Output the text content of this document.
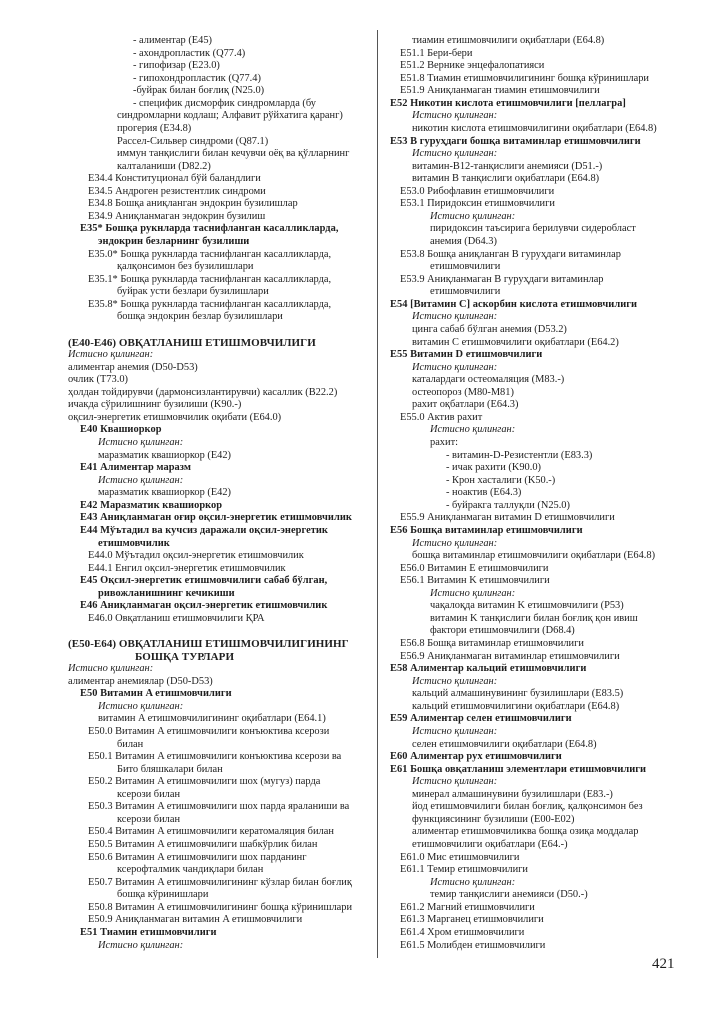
- алиментар (E45)
- ахондропластик (Q77.4)
- гипофизар (E23.0)
- гипохондропластик (Q77.4)
-буйрак билан боғлиқ (N25.0)
- специфик дисморфик синдромларда (бу
синдромларни кодлаш; Алфавит рўйхатига қаранг)
прогерия (E34.8)
Рассел-Сильвер синдроми (Q87.1)
иммун танқислиги билан кечувчи оёқ ва қўлларнинг
калталаниши (D82.2)
E34.4 Конституционал бўй баландлиги
E34.5 Андроген резистентлик синдроми
E34.8 Бошқа аниқланган эндокрин бузилишлар
E34.9 Аниқланмаган эндокрин бузилиш
E35* Бошқа рукнларда таснифланган касалликларда,
эндокрин безларнинг бузилиши
E35.0* Бошқа рукнларда таснифланган касалликларда,
қалқонсимон без бузилишлари
E35.1* Бошқа рукнларда таснифланган касалликларда,
буйрак усти безлари бузилишлари
E35.8* Бошқа рукнларда таснифланган касалликларда,
бошқа эндокрин безлар бузилишлари
(E40-E46) ОВҚАТЛАНИШ ЕТИШМОВЧИЛИГИ
Истисно қилинган:
алиментар анемия (D50-D53)
очлик (T73.0)
ҳолдан тойдирувчи (дармонсизлантирувчи) касаллик (B22.2)
ичакда сўрилишнинг бузилиши (K90.-)
оқсил-энергетик етишмовчилик оқибати (E64.0)
E40 Квашиоркор
Истисно қилинган:
маразматик квашиоркор (E42)
E41 Алиментар маразм
Истисно қилинган:
маразматик квашиоркор (E42)
E42 Маразматик квашиоркор
E43 Аниқланмаган оғир оқсил-энергетик етишмовчилик
E44 Мўътадил ва кучсиз даражали оқсил-энергетик
етишмовчилик
E44.0 Мўътадил оқсил-энергетик етишмовчилик
E44.1 Енгил оқсил-энергетик етишмовчилик
E45 Оқсил-энергетик етишмовчилиги сабаб бўлган,
ривожланишнинг кечикиши
E46 Аниқланмаган оқсил-энергетик етишмовчилик
E46.0 Овқатланиш етишмовчилиги ҚРА
(E50-E64) ОВҚАТЛАНИШ ЕТИШМОВЧИЛИГИНИНГ
БОШҚА ТУРЛАРИ
Истисно қилинган:
алиментар анемиялар (D50-D53)
E50 Витамин A етишмовчилиги
Истисно қилинган:
витамин A етишмовчилигининг оқибатлари (E64.1)
E50.0 Витамин A етишмовчилиги конъюктива ксерози
билан
E50.1 Витамин A етишмовчилиги конъюктива ксерози ва
Бито бляшкалари билан
E50.2 Витамин A етишмовчилиги шох (мугуз) парда
ксерози билан
E50.3 Витамин A етишмовчилиги шох парда яраланиши ва
ксерози билан
E50.4 Витамин A етишмовчилиги кератомаляция билан
E50.5 Витамин A етишмовчилиги шабкўрлик билан
E50.6 Витамин A етишмовчилиги шох парданинг
ксерофталмик чандиқлари билан
E50.7 Витамин A етишмовчилигининг кўзлар билан боғлиқ
бошқа кўринишлари
E50.8 Витамин A етишмовчилигининг бошқа кўринишлари
E50.9 Аниқланмаган витамин A етишмовчилиги
E51 Тиамин етишмовчилиги
Истисно қилинган:
тиамин етишмовчилиги оқибатлари (E64.8)
E51.1 Бери-бери
E51.2 Верникe энцефалопатияси
E51.8 Тиамин етишмовчилигининг бошқа кўринишлари
E51.9 Аниқланмаган тиамин етишмовчилиги
E52 Никотин кислота етишмовчилиги [пеллагра]
Истисно қилинган:
никотин кислота етишмовчилигини оқибатлари (E64.8)
E53 В гуруҳдаги бошқа витаминлар етишмовчилиги
Истисно қилинган:
витамин-B12-танқислиги анемияси (D51.-)
витамин B танқислиги оқибатлари (E64.8)
E53.0 Рибофлавин етишмовчилиги
E53.1 Пиридоксин етишмовчилиги
Истисно қилинган:
пиридоксин таъсирига берилувчи сидеробласт
анемия (D64.3)
E53.8 Бошқа аниқланган В гуруҳдаги витаминлар
етишмовчилиги
E53.9 Аниқланмаган В гуруҳдаги витаминлар
етишмовчилиги
E54 [Витамин C] аскорбин кислота етишмовчилиги
Истисно қилинган:
цинга сабаб бўлган анемия (D53.2)
витамин C етишмовчилиги оқибатлари (E64.2)
E55 Витамин D етишмовчилиги
Истисно қилинган:
каталардаги остеомаляция (M83.-)
остеопороз (M80-M81)
рахит оқбатлари (E64.3)
E55.0 Актив рахит
Истисно қилинган:
рахит:
- витамин-D-Резистентли (E83.3)
- ичак рахити (K90.0)
- Крон хасталиги (K50.-)
- ноактив (E64.3)
- буйракга таллуқли (N25.0)
E55.9 Аниқланмаган витамин D етишмовчилиги
E56 Бошқа витаминлар етишмовчилиги
Истисно қилинган:
бошқа витаминлар етишмовчилиги оқибатлари (E64.8)
E56.0 Витамин E етишмовчилиги
E56.1 Витамин K етишмовчилиги
Истисно қилинган:
чақалоқда витамин K етишмовчилиги (P53)
витамин K танқислиги билан боғлиқ қон ивиш
фактори етишмовчилиги (D68.4)
E56.8 Бошқа витаминлар етишмовчилиги
E56.9 Аниқланмаган витаминлар етишмовчилиги
E58 Алиментар кальций етишмовчилиги
Истисно қилинган:
кальций алмашинувининг бузилишлари (E83.5)
кальций етишмовчилигини оқибатлари (E64.8)
E59 Алиментар селен етишмовчилиги
Истисно қилинган:
селен етишмовчилиги оқибатлари (E64.8)
E60 Алиментар рух етишмовчилиги
E61 Бошқа овқатланиш элементлари етишмовчилиги
Истисно қилинган:
минерал алмашинувини бузилишлари (E83.-)
йод етишмовчилиги билан боғлиқ, қалқонсимон без
функциясининг бузилиши (E00-E02)
алиментар етишмовчиликва бошқа озиқа моддалар
етишмовчилиги оқибатлари (E64.-)
E61.0 Мис етишмовчилиги
E61.1 Темир етишмовчилиги
Истисно қилинган:
темир танқислиги анемияси (D50.-)
E61.2 Магний етишмовчилиги
E61.3 Марганец етишмовчилиги
E61.4 Хром етишмовчилиги
E61.5 Молибден етишмовчилиги
421
